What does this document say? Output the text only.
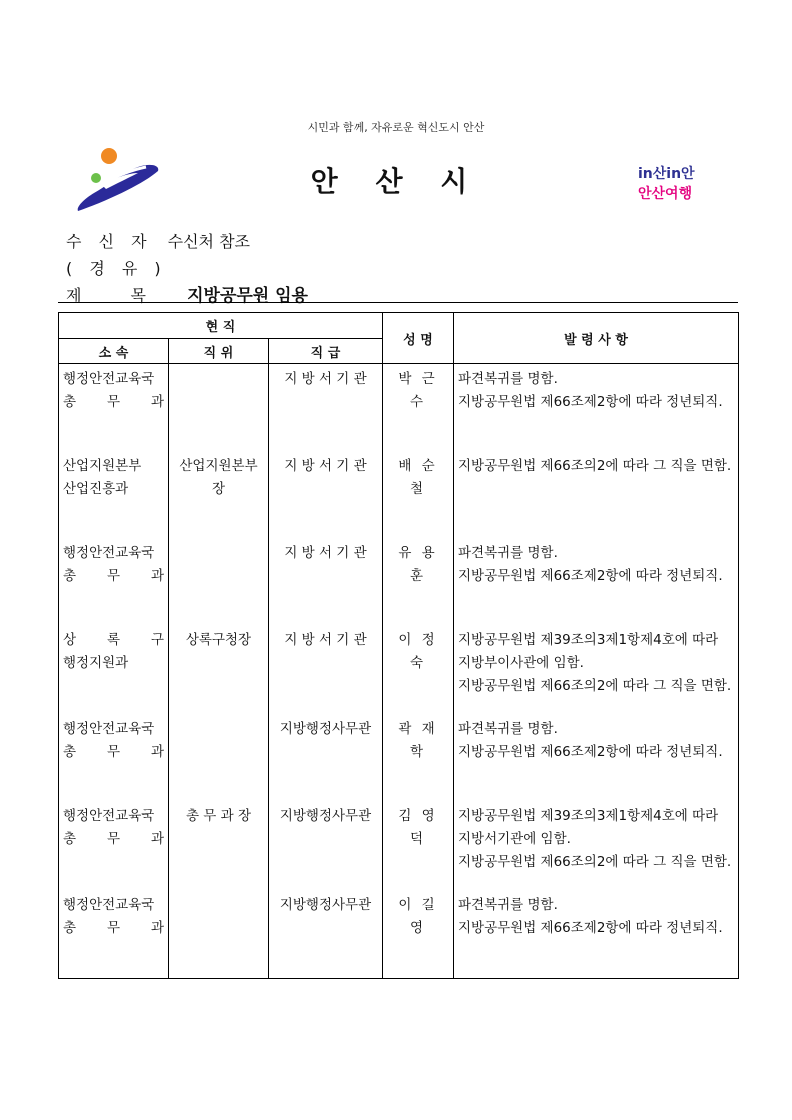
시민과 함께, 자유로운 혁신도시 안산
안 산 시	in산in안
안산여행
수 신 자 수신처 참조
( 경 유 )
제 목 지방공무원 임용
현 직			성 명	발 령 사 항
소 속	직 위	직 급		

행정안전교육국
총 무 과		지 방 서 기 관	박 근 수	파견복귀를 명함.
지방공무원법 제66조제2항에 따라 정년퇴직.

산업지원본부
산업진흥과	산업지원본부장	지 방 서 기 관	배 순 철	지방공무원법 제66조의2에 따라 그 직을 면함.

행정안전교육국
총 무 과		지 방 서 기 관	유 용 훈	파견복귀를 명함.
지방공무원법 제66조제2항에 따라 정년퇴직.

상 록 구
행정지원과	상록구청장	지 방 서 기 관	이 정 숙	지방공무원법 제39조의3제1항제4호에 따라
지방부이사관에 임함.
지방공무원법 제66조의2에 따라 그 직을 면함.

행정안전교육국
총 무 과		지방행정사무관	곽 재 학	파견복귀를 명함.
지방공무원법 제66조제2항에 따라 정년퇴직.

행정안전교육국
총 무 과	총 무 과 장	지방행정사무관	김 영 덕	지방공무원법 제39조의3제1항제4호에 따라
지방서기관에 임함.
지방공무원법 제66조의2에 따라 그 직을 면함.

행정안전교육국
총 무 과		지방행정사무관	이 길 영	파견복귀를 명함.
지방공무원법 제66조제2항에 따라 정년퇴직.
